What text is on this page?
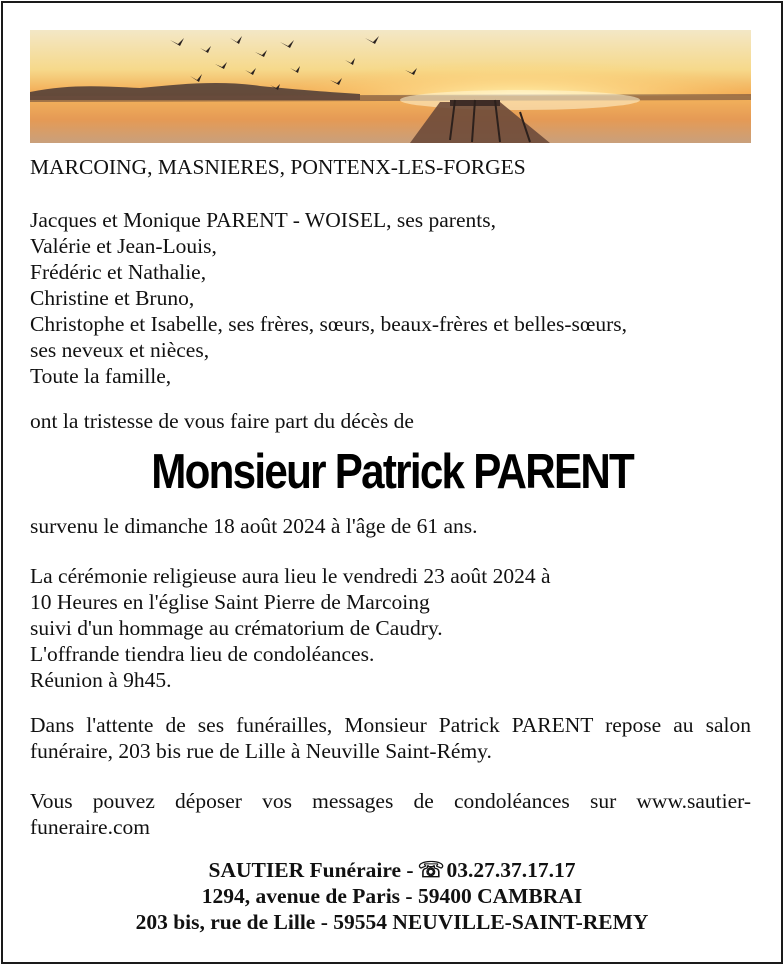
MARCOING, MASNIERES, PONTENX-LES-FORGES
Jacques et Monique PARENT - WOISEL, ses parents,
Valérie et Jean-Louis,
Frédéric et Nathalie,
Christine et Bruno,
Christophe et Isabelle, ses frères, sœurs, beaux-frères et belles-sœurs,
ses neveux et nièces,
Toute la famille,
ont la tristesse de vous faire part du décès de
Monsieur Patrick PARENT
survenu le dimanche 18 août 2024 à l'âge de 61 ans.
La cérémonie religieuse aura lieu le vendredi 23 août 2024 à
10 Heures en l'église Saint Pierre de Marcoing
suivi d'un hommage au crématorium de Caudry.
L'offrande tiendra lieu de condoléances.
Réunion à 9h45.
Dans l'attente de ses funérailles, Monsieur Patrick PARENT repose au salon funéraire, 203 bis rue de Lille à Neuville Saint-Rémy.
Vous pouvez déposer vos messages de condoléances sur www.sautier-funeraire.com
SAUTIER Funéraire - ☏03.27.37.17.17
1294, avenue de Paris - 59400 CAMBRAI
203 bis, rue de Lille - 59554 NEUVILLE-SAINT-REMY
